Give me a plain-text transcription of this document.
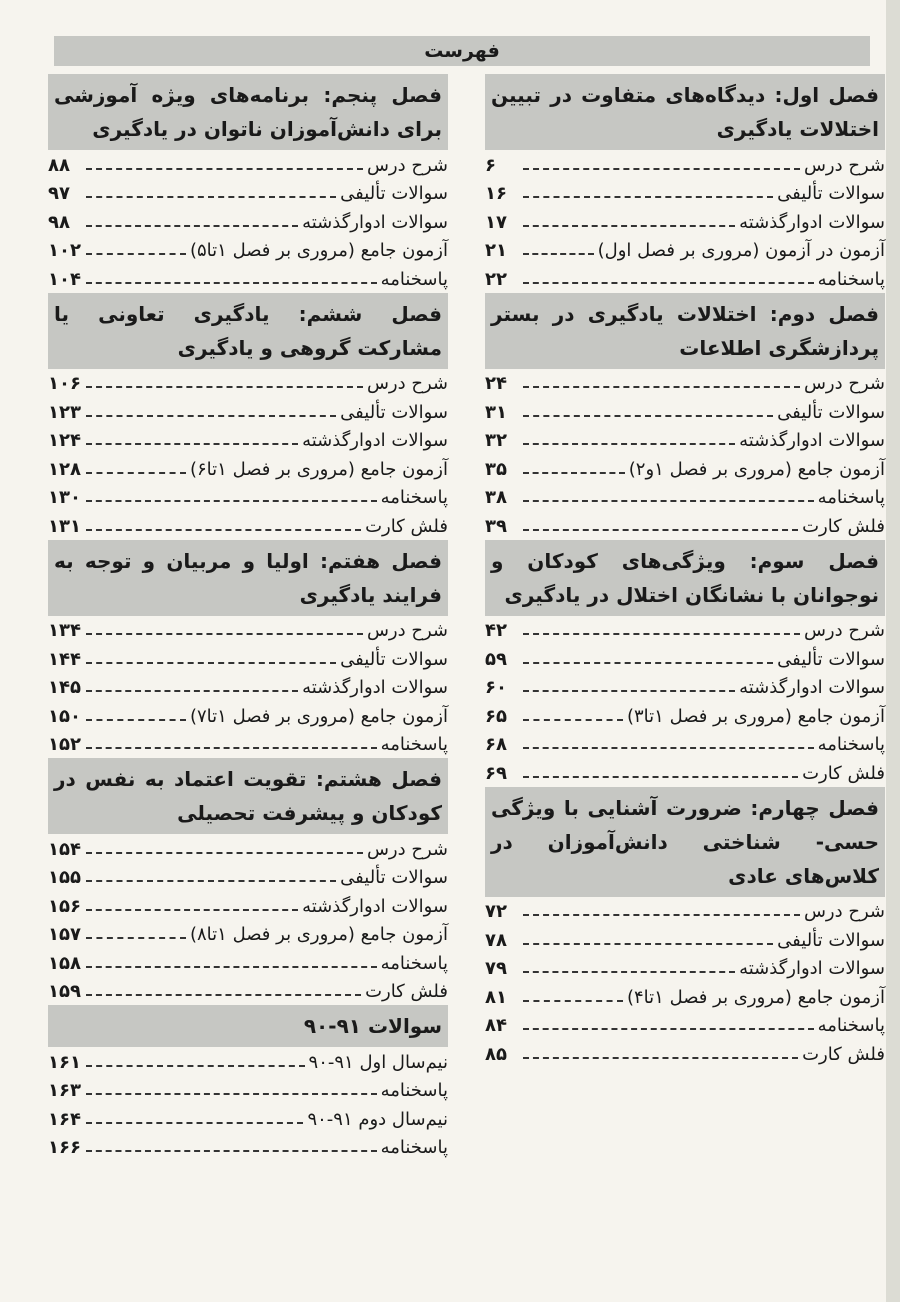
فهرست
فصل اول: دیدگاه‌های متفاوت در تبیین اختلالات یادگیری
شرح درس
۶
سوالات تألیفی
۱۶
سوالات ادوارگذشته
۱۷
آزمون در آزمون (مروری بر فصل اول)
۲۱
پاسخنامه
۲۲
فصل دوم: اختلالات یادگیری در بستر پردازشگری اطلاعات
شرح درس
۲۴
سوالات تألیفی
۳۱
سوالات ادوارگذشته
۳۲
آزمون جامع (مروری بر فصل ۱و۲)
۳۵
پاسخنامه
۳۸
فلش کارت
۳۹
فصل سوم: ویژگی‌های کودکان و نوجوانان با نشانگان اختلال در یادگیری
شرح درس
۴۲
سوالات تألیفی
۵۹
سوالات ادوارگذشته
۶۰
آزمون جامع (مروری بر فصل ۱تا۳)
۶۵
پاسخنامه
۶۸
فلش کارت
۶۹
فصل چهارم: ضرورت آشنایی با ویژگی حسی- شناختی دانش‌آموزان در کلاس‌های عادی
شرح درس
۷۲
سوالات تألیفی
۷۸
سوالات ادوارگذشته
۷۹
آزمون جامع (مروری بر فصل ۱تا۴)
۸۱
پاسخنامه
۸۴
فلش کارت
۸۵
فصل پنجم: برنامه‌های ویژه آموزشی برای دانش‌آموزان ناتوان در یادگیری
شرح درس
۸۸
سوالات تألیفی
۹۷
سوالات ادوارگذشته
۹۸
آزمون جامع (مروری بر فصل ۱تا۵)
۱۰۲
پاسخنامه
۱۰۴
فصل ششم: یادگیری تعاونی یا مشارکت گروهی و یادگیری
شرح درس
۱۰۶
سوالات تألیفی
۱۲۳
سوالات ادوارگذشته
۱۲۴
آزمون جامع (مروری بر فصل ۱تا۶)
۱۲۸
پاسخنامه
۱۳۰
فلش کارت
۱۳۱
فصل هفتم: اولیا و مربیان و توجه به فرایند یادگیری
شرح درس
۱۳۴
سوالات تألیفی
۱۴۴
سوالات ادوارگذشته
۱۴۵
آزمون جامع (مروری بر فصل ۱تا۷)
۱۵۰
پاسخنامه
۱۵۲
فصل هشتم: تقویت اعتماد به نفس در کودکان و پیشرفت تحصیلی
شرح درس
۱۵۴
سوالات تألیفی
۱۵۵
سوالات ادوارگذشته
۱۵۶
آزمون جامع (مروری بر فصل ۱تا۸)
۱۵۷
پاسخنامه
۱۵۸
فلش کارت
۱۵۹
سوالات ۹۱-۹۰
نیم‌سال اول ۹۱-۹۰
۱۶۱
پاسخنامه
۱۶۳
نیم‌سال دوم ۹۱-۹۰
۱۶۴
پاسخنامه
۱۶۶
